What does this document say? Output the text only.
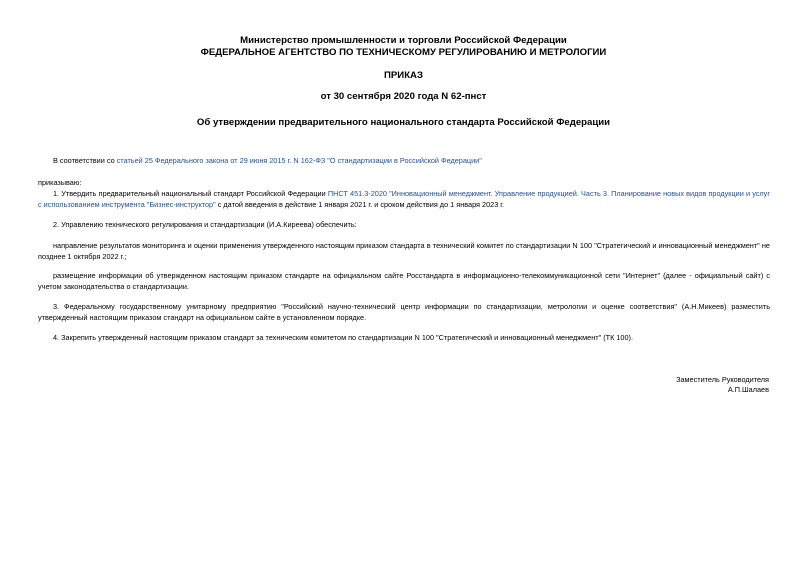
Министерство промышленности и торговли Российской Федерации
ФЕДЕРАЛЬНОЕ АГЕНТСТВО ПО ТЕХНИЧЕСКОМУ РЕГУЛИРОВАНИЮ И МЕТРОЛОГИИ
ПРИКАЗ
от 30 сентября 2020 года N 62-пнст
Об утверждении предварительного национального стандарта Российской Федерации
В соответствии со статьей 25 Федерального закона от 29 июня 2015 г. N 162-ФЗ "О стандартизации в Российской Федерации"
приказываю:
1. Утвердить предварительный национальный стандарт Российской Федерации ПНСТ 451.3-2020 "Инновационный менеджмент. Управление продукцией. Часть 3. Планирование новых видов продукции и услуг с использованием инструмента "Бизнес-инструктор" с датой введения в действие 1 января 2021 г. и сроком действия до 1 января 2023 г.
2. Управлению технического регулирования и стандартизации (И.А.Киреева) обеспечить:
направление результатов мониторинга и оценки применения утвержденного настоящим приказом стандарта в технический комитет по стандартизации N 100 "Стратегический и инновационный менеджмент" не позднее 1 октября 2022 г.;
размещение информации об утвержденном настоящим приказом стандарте на официальном сайте Росстандарта в информационно-телекоммуникационной сети "Интернет" (далее - официальный сайт) с учетом законодательства о стандартизации.
3. Федеральному государственному унитарному предприятию "Российский научно-технический центр информации по стандартизации, метрологии и оценке соответствия" (А.Н.Микеев) разместить утвержденный настоящим приказом стандарт на официальном сайте в установленном порядке.
4. Закрепить утвержденный настоящим приказом стандарт за техническим комитетом по стандартизации N 100 "Стратегический и инновационный менеджмент" (ТК 100).
Заместитель Руководителя
А.П.Шалаев
